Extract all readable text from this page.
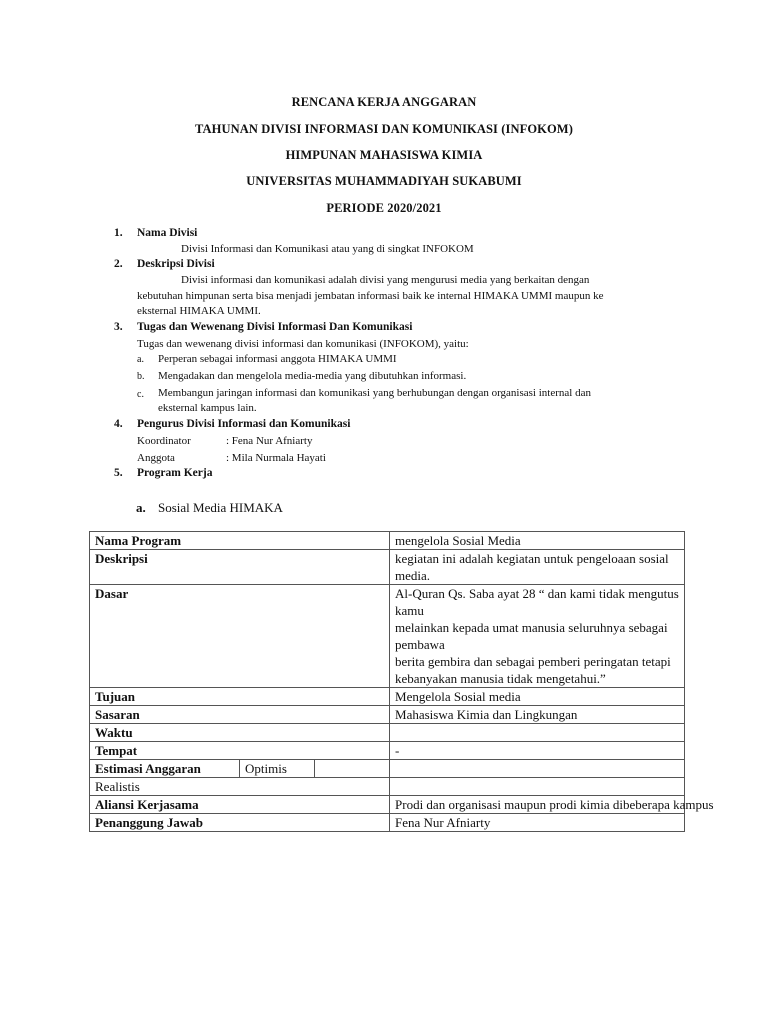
RENCANA KERJA ANGGARAN
TAHUNAN DIVISI INFORMASI DAN KOMUNIKASI (INFOKOM)
HIMPUNAN MAHASISWA KIMIA
UNIVERSITAS MUHAMMADIYAH SUKABUMI
PERIODE 2020/2021
1. Nama Divisi
Divisi Informasi dan Komunikasi atau yang di singkat INFOKOM
2. Deskripsi Divisi
Divisi informasi dan komunikasi adalah divisi yang mengurusi media yang berkaitan dengan
kebutuhan himpunan serta bisa menjadi jembatan informasi baik ke internal HIMAKA UMMI maupun ke
eksternal HIMAKA UMMI.
3. Tugas dan Wewenang Divisi Informasi Dan Komunikasi
Tugas dan wewenang divisi informasi dan komunikasi (INFOKOM), yaitu:
a. Perperan sebagai informasi anggota HIMAKA UMMI
b. Mengadakan dan mengelola media-media yang dibutuhkan informasi.
c. Membangun jaringan informasi dan komunikasi yang berhubungan dengan organisasi internal dan
eksternal kampus lain.
4. Pengurus Divisi Informasi dan Komunikasi
Koordinator	: Fena Nur Afniarty
Anggota	: Mila Nurmala Hayati
5. Program Kerja
a. Sosial Media HIMAKA
Nama Program			mengelola Sosial Media
Deskripsi			kegiatan ini adalah kegiatan untuk pengeloaan sosial media.
Dasar			Al-Quran Qs. Saba ayat 28 “ dan kami tidak mengutus kamu
melainkan kepada umat manusia seluruhnya sebagai pembawa
berita gembira dan sebagai pemberi peringatan tetapi
kebanyakan manusia tidak mengetahui.”

Tujuan			Mengelola Sosial media
Sasaran			Mahasiswa Kimia dan Lingkungan
Waktu			
Tempat			-
Estimasi Anggaran	Optimis		
Realistis			
Aliansi Kerjasama			Prodi dan organisasi maupun prodi kimia dibeberapa kampus
Penanggung Jawab			Fena Nur Afniarty
